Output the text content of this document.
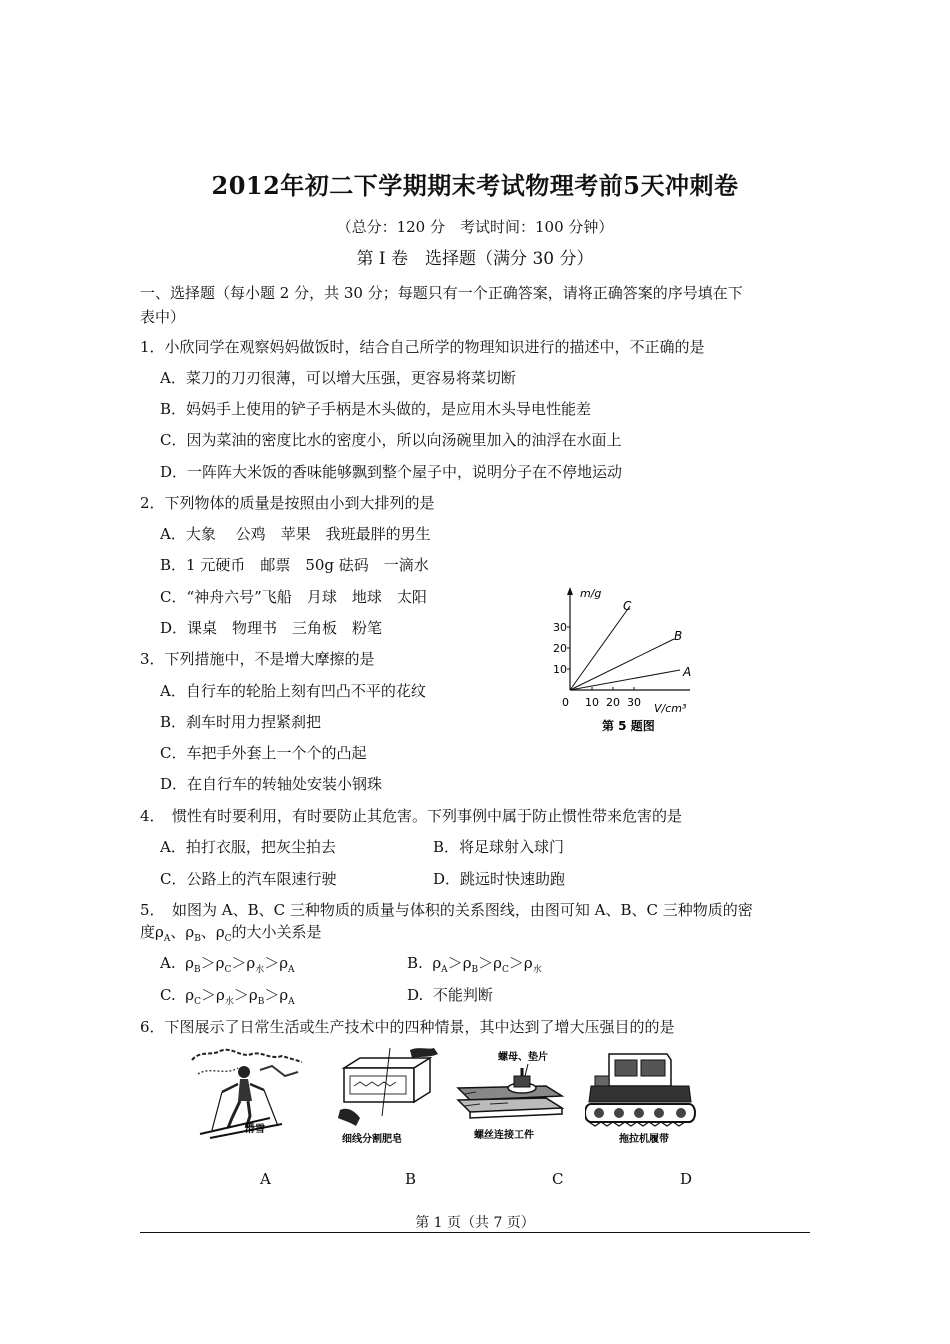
2012年初二下学期期末考试物理考前5天冲刺卷
（总分：120 分　考试时间：100 分钟）
第 I 卷　选择题（满分 30 分）
一、选择题（每小题 2 分，共 30 分；每题只有一个正确答案，请将正确答案的序号填在下
表中）
1．小欣同学在观察妈妈做饭时，结合自己所学的物理知识进行的描述中，不正确的是
A．菜刀的刀刃很薄，可以增大压强，更容易将菜切断
B．妈妈手上使用的铲子手柄是木头做的，是应用木头导电性能差
C．因为菜油的密度比水的密度小，所以向汤碗里加入的油浮在水面上
D．一阵阵大米饭的香味能够飘到整个屋子中，说明分子在不停地运动
2．下列物体的质量是按照由小到大排列的是
A．大象　 公鸡　苹果　我班最胖的男生
B．1 元硬币　邮票　50g 砝码　一滴水
C．“神舟六号”飞船　月球　地球　太阳
D．课桌　物理书　三角板　粉笔
3．下列措施中，不是增大摩擦的是
A．自行车的轮胎上刻有凹凸不平的花纹
B．刹车时用力捏紧刹把
C．车把手外套上一个个的凸起
D．在自行车的转轴处安装小钢珠
m/g
V/cm³
10
20
30
0 10 20 30
A
B
C
第 5 题图
4．　惯性有时要利用，有时要防止其危害。下列事例中属于防止惯性带来危害的是
A．拍打衣服，把灰尘拍去	B．将足球射入球门
C．公路上的汽车限速行驶	D．跳远时快速助跑
5．　如图为 A、B、C 三种物质的质量与体积的关系图线，由图可知 A、B、C 三种物质的密
度$\rho_A$、$\rho_B$、$\rho_C$的大小关系是
A. $\rho_B>\rho_C>\rho_水>\rho_A$	B. $\rho_A>\rho_B>\rho_C>\rho_水$
C. $\rho_C>\rho_水>\rho_B>\rho_A$	D. 不能判断
6．下图展示了日常生活或生产技术中的四种情景，其中达到了增大压强目的的是
滑雪
细线分割肥皂
螺母、垫片
螺丝连接工件	拖拉机履带
A	B	C	D
第 1 页（共 7 页）
